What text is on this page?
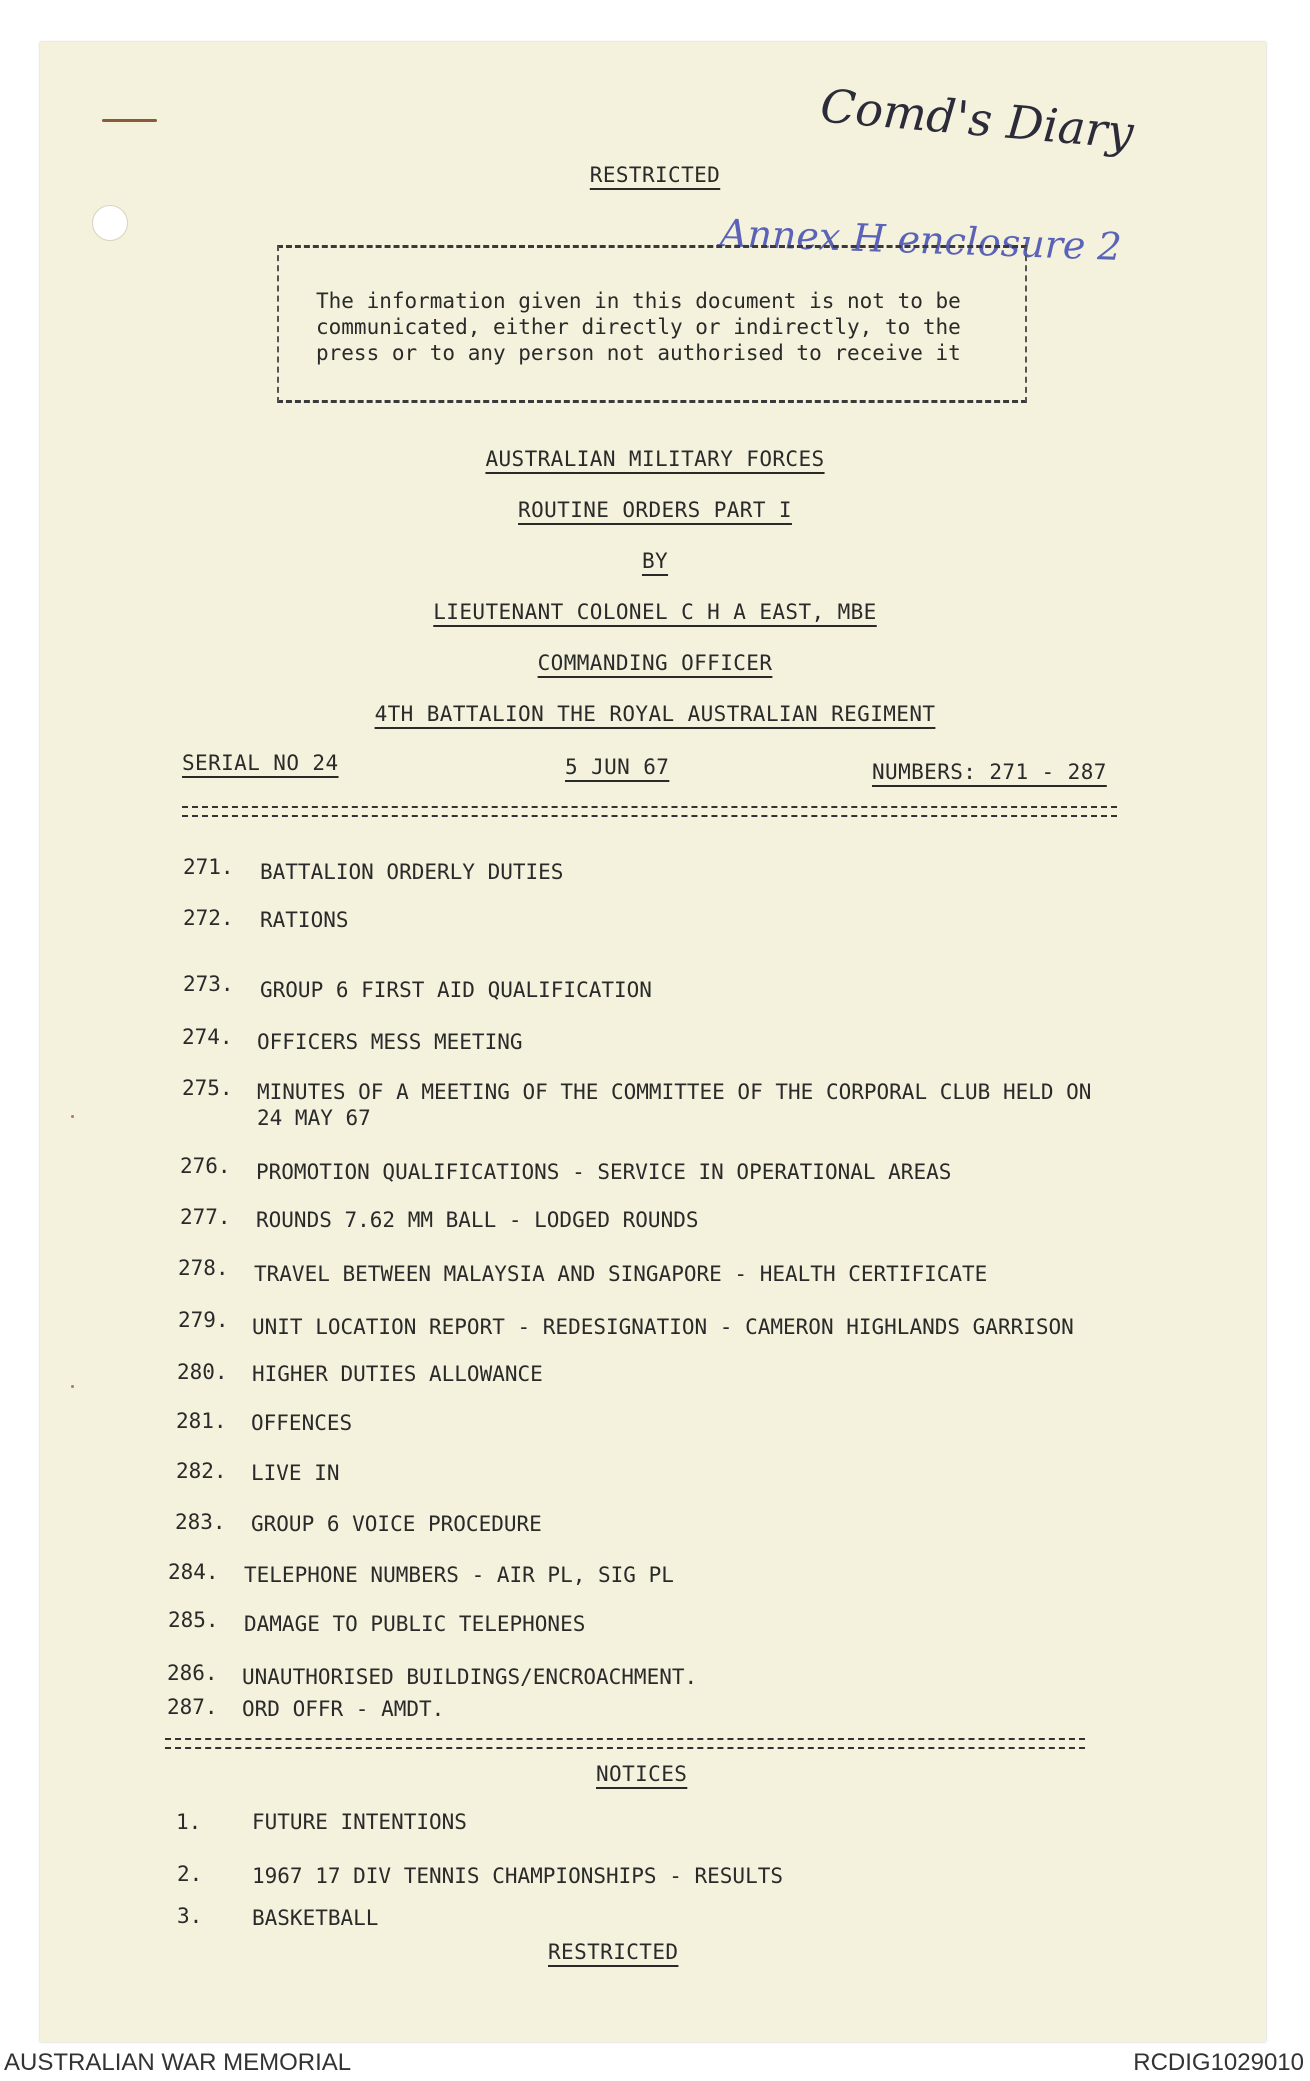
Comd's Diary
Annex H enclosure 2
RESTRICTED
The information given in this document is not to be
communicated, either directly or indirectly, to the
press or to any person not authorised to receive it
AUSTRALIAN MILITARY FORCES
ROUTINE ORDERS PART I
BY
LIEUTENANT COLONEL C H A EAST, MBE
COMMANDING OFFICER
4TH BATTALION THE ROYAL AUSTRALIAN REGIMENT
SERIAL NO 24	5 JUN 67	NUMBERS: 271 - 287
271. BATTALION ORDERLY DUTIES
272. RATIONS
273. GROUP 6 FIRST AID QUALIFICATION
274. OFFICERS MESS MEETING
275. MINUTES OF A MEETING OF THE COMMITTEE OF THE CORPORAL CLUB HELD ON
24 MAY 67
276. PROMOTION QUALIFICATIONS - SERVICE IN OPERATIONAL AREAS
277. ROUNDS 7.62 MM BALL - LODGED ROUNDS
278. TRAVEL BETWEEN MALAYSIA AND SINGAPORE - HEALTH CERTIFICATE
279. UNIT LOCATION REPORT - REDESIGNATION - CAMERON HIGHLANDS GARRISON
280. HIGHER DUTIES ALLOWANCE
281. OFFENCES
282. LIVE IN
283. GROUP 6 VOICE PROCEDURE
284. TELEPHONE NUMBERS - AIR PL, SIG PL
285. DAMAGE TO PUBLIC TELEPHONES
286. UNAUTHORISED BUILDINGS/ENCROACHMENT.
287. ORD OFFR - AMDT.
NOTICES
1. FUTURE INTENTIONS
2. 1967 17 DIV TENNIS CHAMPIONSHIPS - RESULTS
3. BASKETBALL
RESTRICTED
AUSTRALIAN WAR MEMORIAL	RCDIG1029010
